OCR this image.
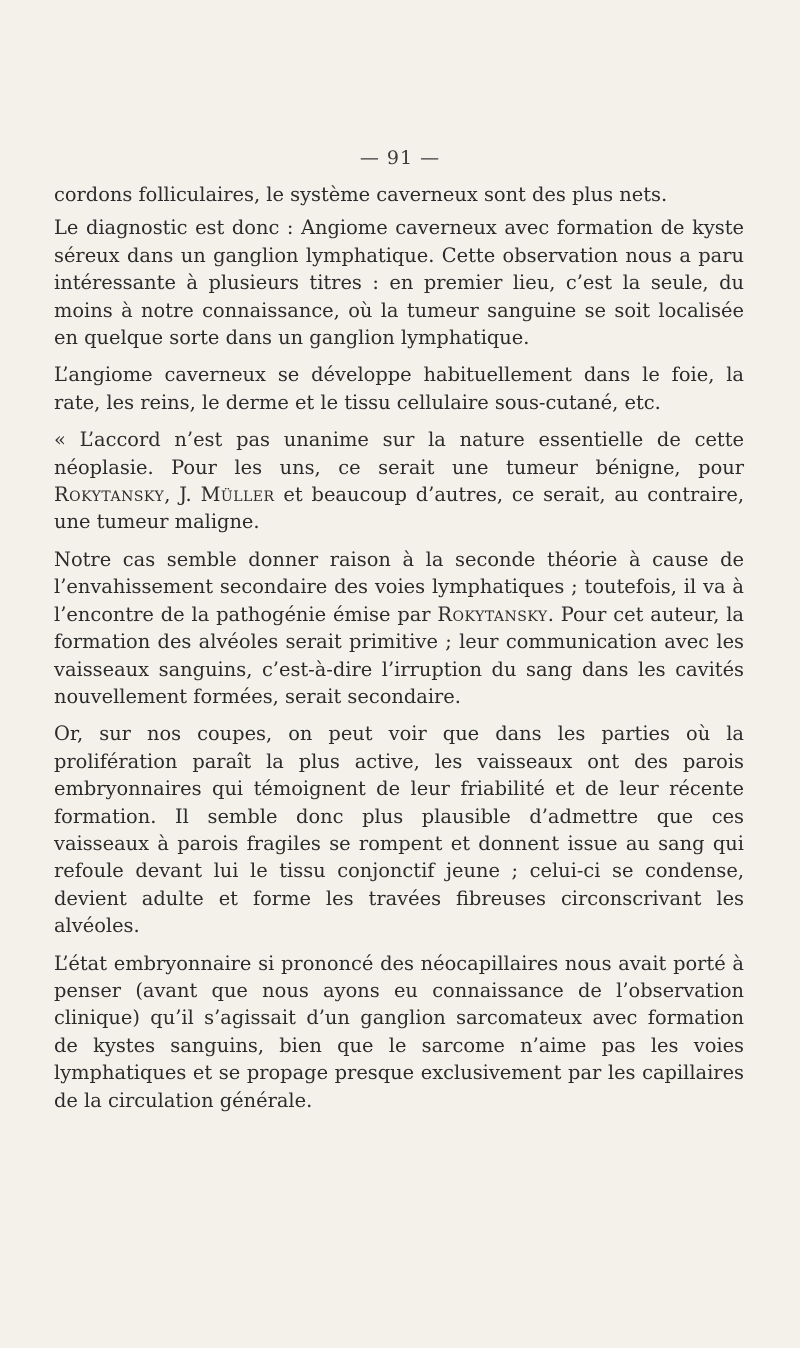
— 91 —

cordons folliculaires, le système caverneux sont des plus nets.

Le diagnostic est donc : Angiome caverneux avec formation de kyste séreux dans un ganglion lymphatique. Cette observation nous a paru intéressante à plusieurs titres : en premier lieu, c’est la seule, du moins à notre connaissance, où la tumeur sanguine se soit localisée en quelque sorte dans un ganglion lymphatique.

L’angiome caverneux se développe habituellement dans le foie, la rate, les reins, le derme et le tissu cellulaire sous-cutané, etc.

« L’accord n’est pas unanime sur la nature essentielle de cette néoplasie. Pour les uns, ce serait une tumeur bénigne, pour Rokytansky, J. Müller et beaucoup d’autres, ce serait, au contraire, une tumeur maligne.

Notre cas semble donner raison à la seconde théorie à cause de l’envahissement secondaire des voies lymphatiques ; toutefois, il va à l’encontre de la pathogénie émise par Rokytansky. Pour cet auteur, la formation des alvéoles serait primitive ; leur communication avec les vaisseaux sanguins, c’est-à-dire l’irruption du sang dans les cavités nouvellement formées, serait secondaire.

Or, sur nos coupes, on peut voir que dans les parties où la prolifération paraît la plus active, les vaisseaux ont des parois embryonnaires qui témoignent de leur friabilité et de leur récente formation. Il semble donc plus plausible d’admettre que ces vaisseaux à parois fragiles se rompent et donnent issue au sang qui refoule devant lui le tissu conjonctif jeune ; celui-ci se condense, devient adulte et forme les travées fibreuses circonscrivant les alvéoles.

L’état embryonnaire si prononcé des néocapillaires nous avait porté à penser (avant que nous ayons eu connaissance de l’observation clinique) qu’il s’agissait d’un ganglion sarcomateux avec formation de kystes sanguins, bien que le sarcome n’aime pas les voies lymphatiques et se propage presque exclusivement par les capillaires de la circulation générale.
